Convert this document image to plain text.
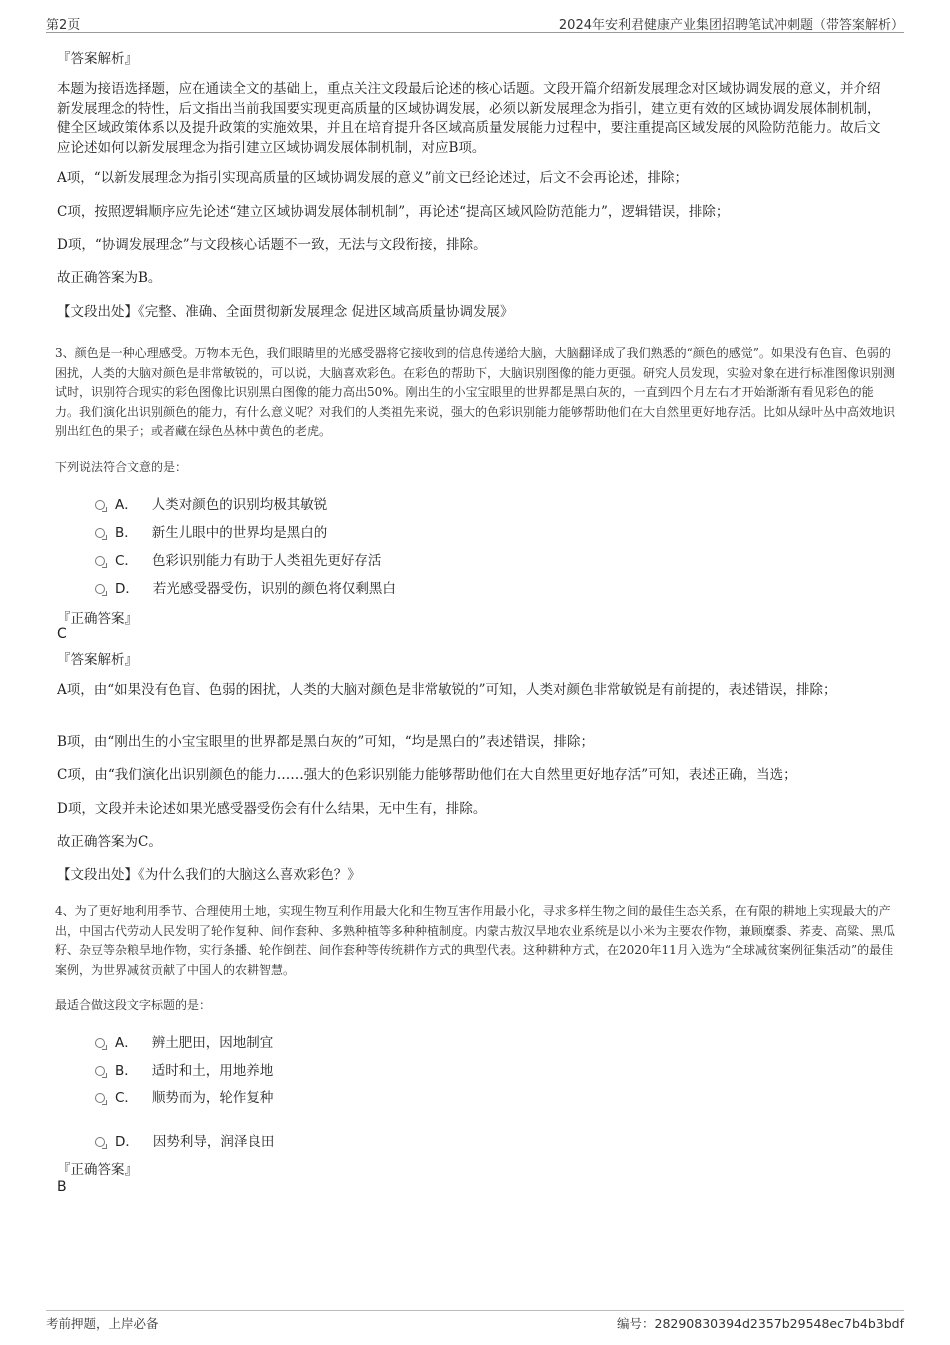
第2页	2024年安利君健康产业集团招聘笔试冲刺题（带答案解析）
『答案解析』
本题为接语选择题，应在通读全文的基础上，重点关注文段最后论述的核心话题。文段开篇介绍新发展理念对区域协调发展的意义，并介绍新发展理念的特性，后文指出当前我国要实现更高质量的区域协调发展，必须以新发展理念为指引，建立更有效的区域协调发展体制机制，健全区域政策体系以及提升政策的实施效果，并且在培育提升各区域高质量发展能力过程中，要注重提高区域发展的风险防范能力。故后文应论述如何以新发展理念为指引建立区域协调发展体制机制，对应B项。
A项，“以新发展理念为指引实现高质量的区域协调发展的意义”前文已经论述过，后文不会再论述，排除；
C项，按照逻辑顺序应先论述“建立区域协调发展体制机制”，再论述“提高区域风险防范能力”，逻辑错误，排除；
D项，“协调发展理念”与文段核心话题不一致，无法与文段衔接，排除。
故正确答案为B。
【文段出处】《完整、准确、全面贯彻新发展理念 促进区域高质量协调发展》
3、颜色是一种心理感受。万物本无色，我们眼睛里的光感受器将它接收到的信息传递给大脑，大脑翻译成了我们熟悉的“颜色的感觉”。如果没有色盲、色弱的困扰，人类的大脑对颜色是非常敏锐的，可以说，大脑喜欢彩色。在彩色的帮助下，大脑识别图像的能力更强。研究人员发现，实验对象在进行标准图像识别测试时，识别符合现实的彩色图像比识别黑白图像的能力高出50%。刚出生的小宝宝眼里的世界都是黑白灰的，一直到四个月左右才开始渐渐有看见彩色的能力。我们演化出识别颜色的能力，有什么意义呢？对我们的人类祖先来说，强大的色彩识别能力能够帮助他们在大自然里更好地存活。比如从绿叶丛中高效地识别出红色的果子；或者藏在绿色丛林中黄色的老虎。
下列说法符合文意的是：
A． 人类对颜色的识别均极其敏锐
B． 新生儿眼中的世界均是黑白的
C． 色彩识别能力有助于人类祖先更好存活
D． 若光感受器受伤，识别的颜色将仅剩黑白
『正确答案』
C
『答案解析』
A项，由“如果没有色盲、色弱的困扰，人类的大脑对颜色是非常敏锐的”可知，人类对颜色非常敏锐是有前提的，表述错误，排除；
B项，由“刚出生的小宝宝眼里的世界都是黑白灰的”可知，“均是黑白的”表述错误，排除；
C项，由“我们演化出识别颜色的能力……强大的色彩识别能力能够帮助他们在大自然里更好地存活”可知，表述正确，当选；
D项，文段并未论述如果光感受器受伤会有什么结果，无中生有，排除。
故正确答案为C。
【文段出处】《为什么我们的大脑这么喜欢彩色？》
4、为了更好地利用季节、合理使用土地，实现生物互利作用最大化和生物互害作用最小化，寻求多样生物之间的最佳生态关系，在有限的耕地上实现最大的产出，中国古代劳动人民发明了轮作复种、间作套种、多熟种植等多种种植制度。内蒙古敖汉旱地农业系统是以小米为主要农作物，兼顾糜黍、荞麦、高粱、黑瓜籽、杂豆等杂粮旱地作物，实行条播、轮作倒茬、间作套种等传统耕作方式的典型代表。这种耕种方式，在2020年11月入选为“全球减贫案例征集活动”的最佳案例，为世界减贫贡献了中国人的农耕智慧。
最适合做这段文字标题的是：
A． 辨土肥田，因地制宜
B． 适时和土，用地养地
C． 顺势而为，轮作复种
D． 因势利导，润泽良田
『正确答案』
B
考前押题，上岸必备	编号：28290830394d2357b29548ec7b4b3bdf
